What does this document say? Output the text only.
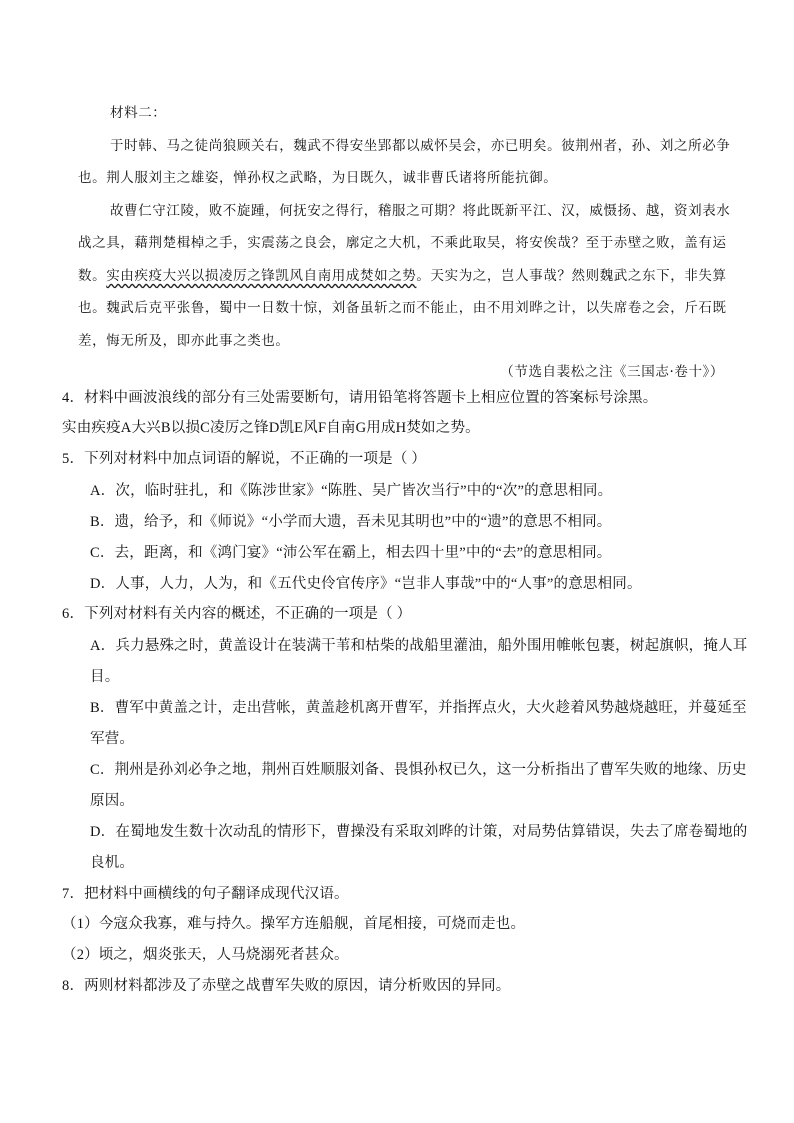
材料二：
于时韩、马之徒尚狼顾关右，魏武不得安坐郢都以威怀吴会，亦已明矣。彼荆州者，孙、刘之所必争
也。荆人服刘主之雄姿，惮孙权之武略，为日既久，诚非曹氏诸将所能抗御。
故曹仁守江陵，败不旋踵，何抚安之得行，稽服之可期？将此既新平江、汉，威慑扬、越，资刘表水
战之具，藉荆楚楫棹之手，实震荡之良会，廓定之大机，不乘此取吴，将安俟哉？至于赤壁之败，盖有运
数。实由疾疫大兴以损凌厉之锋凯风自南用成焚如之势。天实为之，岂人事哉？然则魏武之东下，非失算
也。魏武后克平张鲁，蜀中一日数十惊，刘备虽斩之而不能止，由不用刘晔之计，以失席卷之会，斤石既
差，悔无所及，即亦此事之类也。
（节选自裴松之注《三国志·卷十》）
4．材料中画波浪线的部分有三处需要断句，请用铅笔将答题卡上相应位置的答案标号涂黑。
实由疾疫A大兴B以损C凌厉之锋D凯E风F自南G用成H焚如之势。
5．下列对材料中加点词语的解说，不正确的一项是（ ）
A．次，临时驻扎，和《陈涉世家》“陈胜、吴广皆次当行”中的“次”的意思相同。
B．遗，给予，和《师说》“小学而大遗，吾未见其明也”中的“遗”的意思不相同。
C．去，距离，和《鸿门宴》“沛公军在霸上，相去四十里”中的“去”的意思相同。
D．人事，人力，人为，和《五代史伶官传序》“岂非人事哉”中的“人事”的意思相同。
6．下列对材料有关内容的概述，不正确的一项是（ ）
A．兵力悬殊之时，黄盖设计在装满干苇和枯柴的战船里灌油，船外围用帷帐包裹，树起旗帜，掩人耳
目。
B．曹军中黄盖之计，走出营帐，黄盖趁机离开曹军，并指挥点火，大火趁着风势越烧越旺，并蔓延至
军营。
C．荆州是孙刘必争之地，荆州百姓顺服刘备、畏惧孙权已久，这一分析指出了曹军失败的地缘、历史
原因。
D．在蜀地发生数十次动乱的情形下，曹操没有采取刘晔的计策，对局势估算错误，失去了席卷蜀地的
良机。
7．把材料中画横线的句子翻译成现代汉语。
（1）今寇众我寡，难与持久。操军方连船舰，首尾相接，可烧而走也。
（2）顷之，烟炎张天，人马烧溺死者甚众。
8．两则材料都涉及了赤壁之战曹军失败的原因，请分析败因的异同。
